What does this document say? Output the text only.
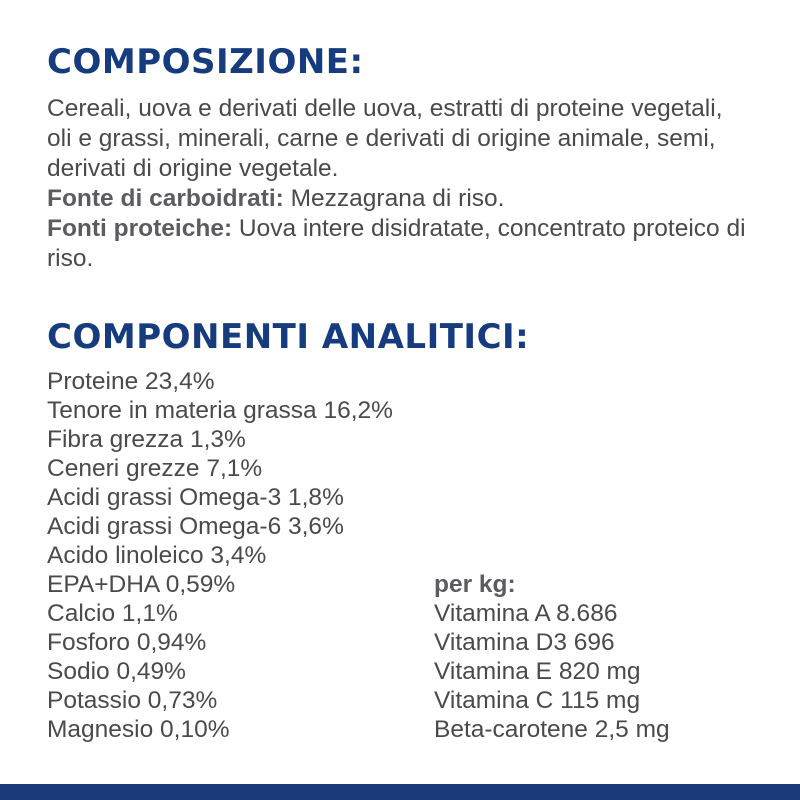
COMPOSIZIONE:

Cereali, uova e derivati delle uova, estratti di proteine vegetali, oli e grassi, minerali, carne e derivati di origine animale, semi, derivati di origine vegetale.

Fonte di carboidrati: Mezzagrana di riso.

Fonti proteiche: Uova intere disidratate, concentrato proteico di riso.

COMPONENTI ANALITICI:
Proteine 23,4%
Tenore in materia grassa 16,2%
Fibra grezza 1,3%
Ceneri grezze 7,1%
Acidi grassi Omega-3 1,8%
Acidi grassi Omega-6 3,6%
Acido linoleico 3,4%
EPA+DHA 0,59%
Calcio 1,1%
Fosforo 0,94%
Sodio 0,49%
Potassio 0,73%
Magnesio 0,10%
per kg:
Vitamina A 8.686
Vitamina D3 696
Vitamina E 820 mg
Vitamina C 115 mg
Beta-carotene 2,5 mg
